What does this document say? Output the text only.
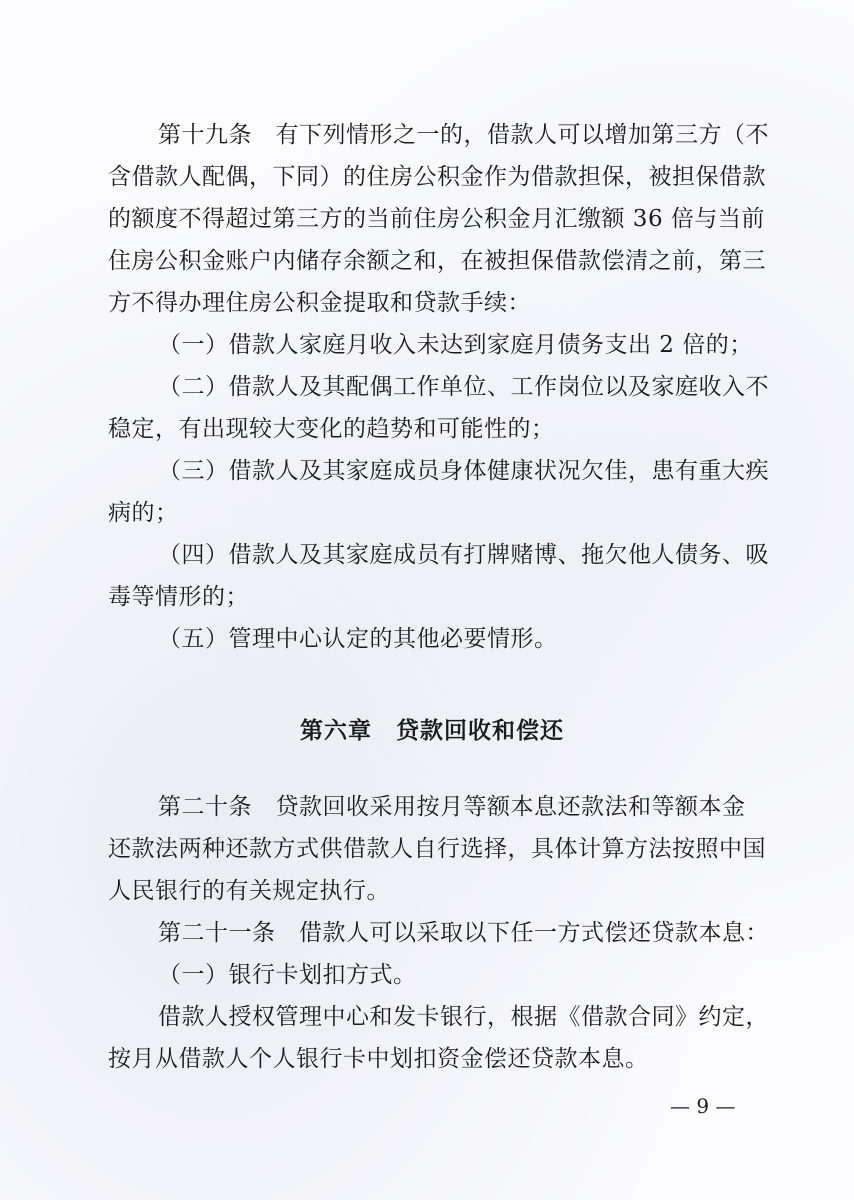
第十九条　有下列情形之一的，借款人可以增加第三方（不
含借款人配偶，下同）的住房公积金作为借款担保，被担保借款
的额度不得超过第三方的当前住房公积金月汇缴额 36 倍与当前
住房公积金账户内储存余额之和，在被担保借款偿清之前，第三
方不得办理住房公积金提取和贷款手续：
（一）借款人家庭月收入未达到家庭月债务支出 2 倍的；
（二）借款人及其配偶工作单位、工作岗位以及家庭收入不
稳定，有出现较大变化的趋势和可能性的；
（三）借款人及其家庭成员身体健康状况欠佳，患有重大疾
病的；
（四）借款人及其家庭成员有打牌赌博、拖欠他人债务、吸
毒等情形的；
（五）管理中心认定的其他必要情形。
第六章　贷款回收和偿还
第二十条　贷款回收采用按月等额本息还款法和等额本金
还款法两种还款方式供借款人自行选择，具体计算方法按照中国
人民银行的有关规定执行。
第二十一条　借款人可以采取以下任一方式偿还贷款本息：
（一）银行卡划扣方式。
借款人授权管理中心和发卡银行，根据《借款合同》约定，
按月从借款人个人银行卡中划扣资金偿还贷款本息。
— 9 —
